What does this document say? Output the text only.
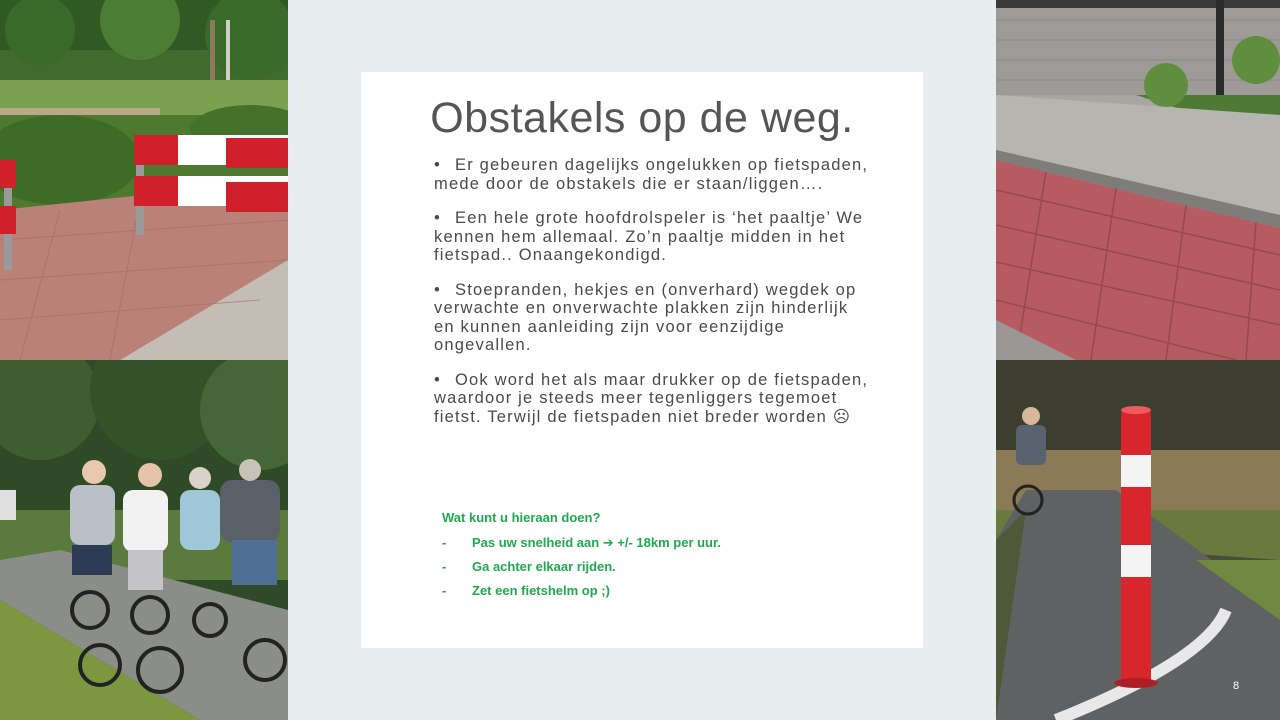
Obstakels op de weg.
• Er gebeuren dagelijks ongelukken op fietspaden, mede door de obstakels die er staan/liggen….
• Een hele grote hoofdrolspeler is ‘het paaltje’ We kennen hem allemaal. Zo’n paaltje midden in het fietspad.. Onaangekondigd.
• Stoepranden, hekjes en (onverhard) wegdek op verwachte en onverwachte plakken zijn hinderlijk en kunnen aanleiding zijn voor eenzijdige ongevallen.
• Ook word het als maar drukker op de fietspaden, waardoor je steeds meer tegenliggers tegemoet fietst. Terwijl de fietspaden niet breder worden ☹

Wat kunt u hieraan doen?

- Pas uw snelheid aan ➔ +/- 18km per uur.
- Ga achter elkaar rijden.
- Zet een fietshelm op ;)
8
